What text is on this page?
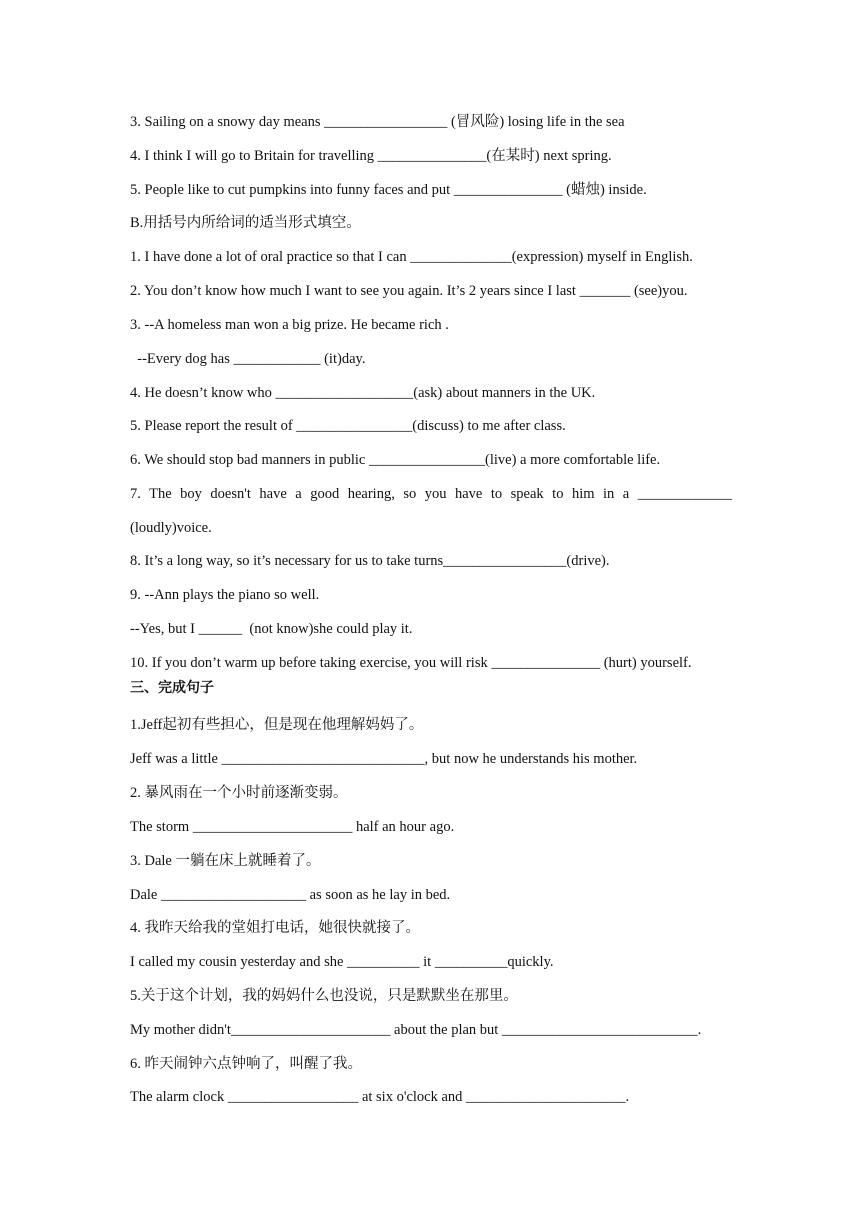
3. Sailing on a snowy day means _________________ (冒风险) losing life in the sea
4. I think I will go to Britain for travelling _______________(在某时) next spring.
5. People like to cut pumpkins into funny faces and put _______________ (蜡烛) inside.
B.用括号内所给词的适当形式填空。
1. I have done a lot of oral practice so that I can ______________(expression) myself in English.
2. You don’t know how much I want to see you again. It’s 2 years since I last _______ (see)you.
3. --A homeless man won a big prize. He became rich .
--Every dog has ____________ (it)day.
4. He doesn’t know who ___________________(ask) about manners in the UK.
5. Please report the result of ________________(discuss) to me after class.
6. We should stop bad manners in public ________________(live) a more comfortable life.
7. The boy doesn't have a good hearing, so you have to speak to him in a _____________
(loudly)voice.
8. It’s a long way, so it’s necessary for us to take turns_________________(drive).
9. --Ann plays the piano so well.
--Yes, but I ______  (not know)she could play it.
10. If you don’t warm up before taking exercise, you will risk _______________ (hurt) yourself.
三、完成句子
1.Jeff起初有些担心，但是现在他理解妈妈了。
Jeff was a little ____________________________, but now he understands his mother.
2. 暴风雨在一个小时前逐渐变弱。
The storm ______________________ half an hour ago.
3. Dale 一躺在床上就睡着了。
Dale ____________________ as soon as he lay in bed.
4. 我昨天给我的堂姐打电话，她很快就接了。
I called my cousin yesterday and she __________ it __________quickly.
5.关于这个计划，我的妈妈什么也没说，只是默默坐在那里。
My mother didn't______________________ about the plan but ___________________________.
6. 昨天闹钟六点钟响了，叫醒了我。
The alarm clock __________________ at six o'clock and ______________________.
